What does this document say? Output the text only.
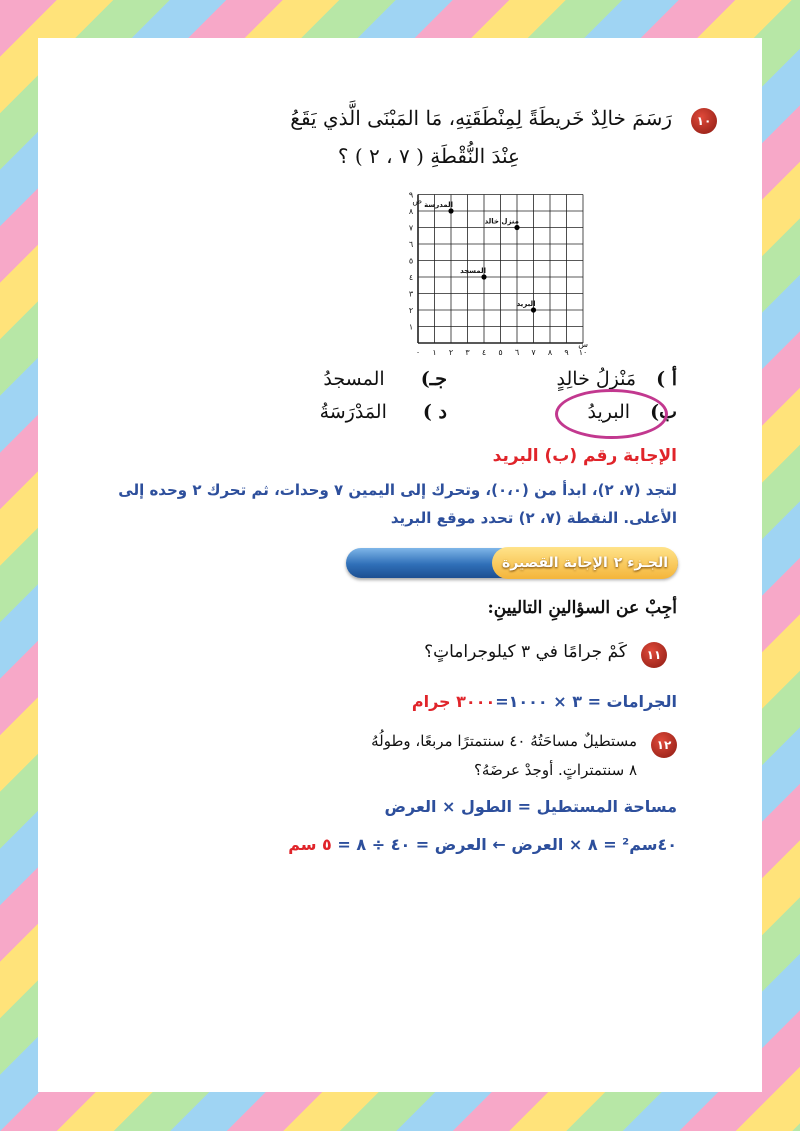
١٠
رَسَمَ خالِدٌ خَريطَةً لِمِنْطَقَتِهِ، مَا المَبْنَى الَّذي يَقَعُ
عِنْدَ النُّقْطَةِ ( ٧ ، ٢ ) ؟
٠ ١ ٢ ٣ ٤ ٥ ٦ ٧ ٨ ٩ ١٠
١
٢
٣
٤
٥
٦
٧
٨
٩
س
ص المدرسة
منزل خالد
المسجد
البريد
أ ) مَنْزِلُ خالِدٍ
جـ) المسجدُ
ب) البريدُ
د ) المَدْرَسَةُ
الإجابة رقم (ب) البريد
لتجد (٧، ٢)، ابدأ من (٠،٠)، وتحرك إلى اليمين ٧ وحدات، ثم تحرك ٢ وحده إلى
الأعلى. النقطة (٧، ٢) تحدد موقع البريد
الجـزء ٢
الإجابة القصيرة
أجِبْ عن السؤالينِ التاليينِ:
١١
كَمْ جرامًا في ٣ كيلوجراماتٍ؟
الجرامات = ٣ × ١٠٠٠=٣٠٠٠ جرام
١٢
مستطيلٌ مساحَتُهُ ٤٠ سنتمترًا مربعًا، وطولُهُ
٨ سنتمتراتٍ. أوجدْ عرضَهُ؟
مساحة المستطيل = الطول × العرض
٤٠سم² = ٨ × العرض ← العرض = ٤٠ ÷ ٨ = ٥ سم
